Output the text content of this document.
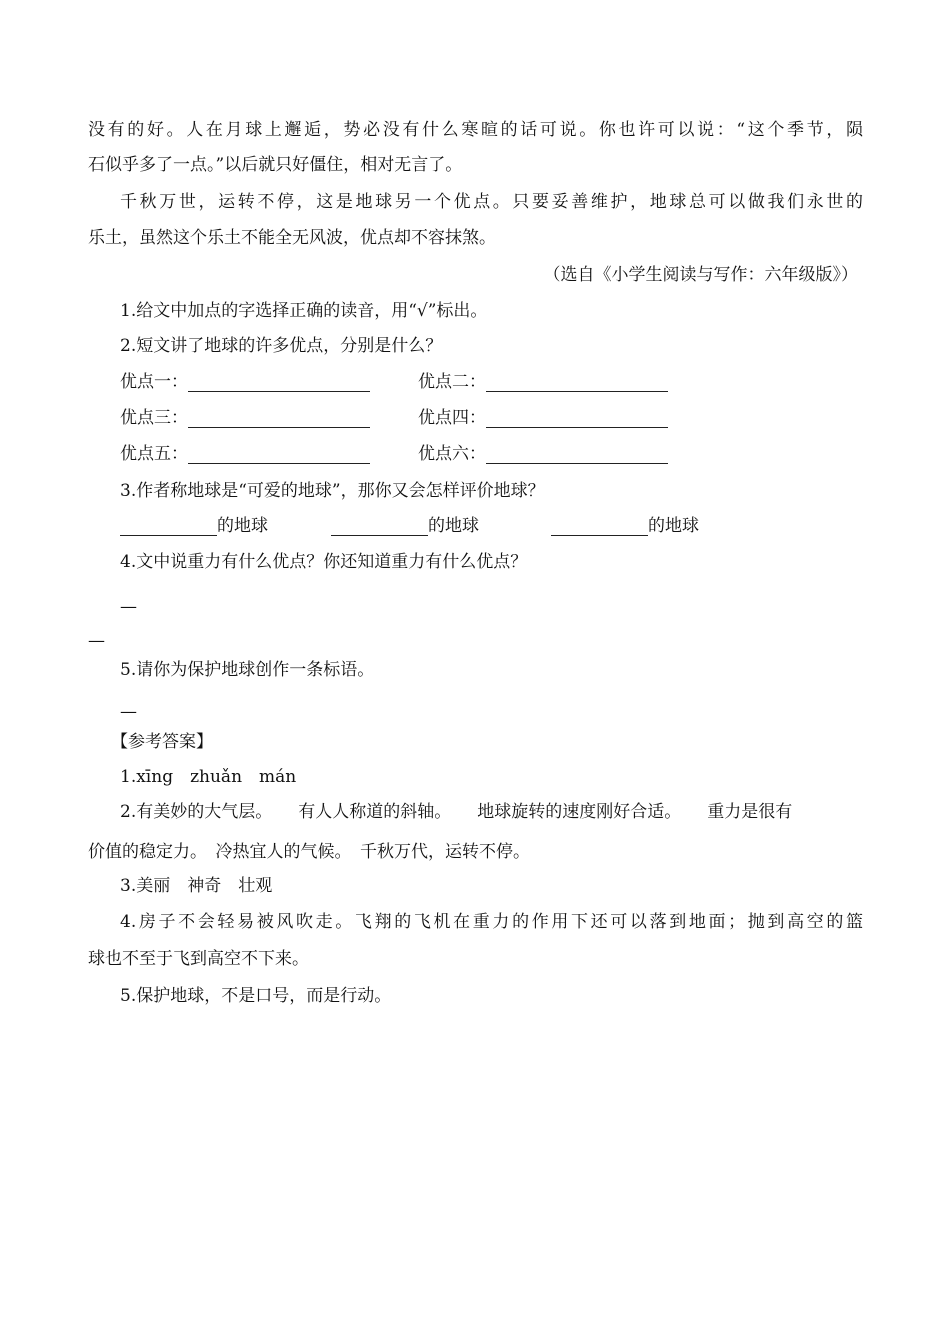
没有的好。人在月球上邂逅，势必没有什么寒暄的话可说。你也许可以说：“这个季节，陨
石似乎多了一点。”以后就只好僵住，相对无言了。
千秋万世，运转不停，这是地球另一个优点。只要妥善维护，地球总可以做我们永世的
乐土，虽然这个乐土不能全无风波，优点却不容抹煞。
（选自《小学生阅读与写作：六年级版》）
1.给文中加点的字选择正确的读音，用“√”标出。
2.短文讲了地球的许多优点，分别是什么？
优点一：	优点二：
优点三：	优点四：
优点五：	优点六：
3.作者称地球是“可爱的地球”，那你又会怎样评价地球？
的地球	的地球	的地球
4.文中说重力有什么优点？你还知道重力有什么优点？
—
—
5.请你为保护地球创作一条标语。
—
【参考答案】
1.xīng　zhuǎn　mán
2.有美妙的大气层。 有人人称道的斜轴。 地球旋转的速度刚好合适。 重力是很有
价值的稳定力。　冷热宜人的气候。　千秋万代，运转不停。
3.美丽　神奇　壮观
4.房子不会轻易被风吹走。飞翔的飞机在重力的作用下还可以落到地面；抛到高空的篮
球也不至于飞到高空不下来。
5.保护地球，不是口号，而是行动。
